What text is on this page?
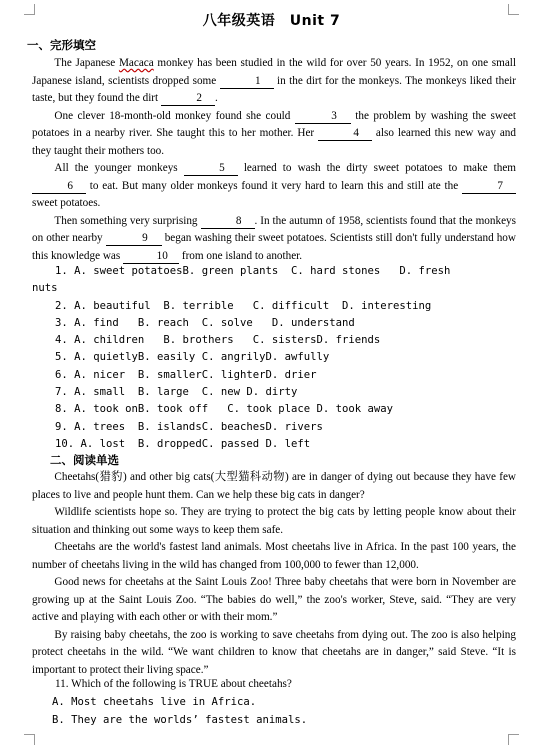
八年级英语　Unit 7
一、完形填空

The Japanese Macaca monkey has been studied in the wild for over 50 years. In 1952, on one small Japanese island, scientists dropped some	1 in the dirt for the monkeys. The monkeys liked their taste, but they found the dirt	2 .

One clever 18-month-old monkey found she could	3 the problem by washing the sweet potatoes in a nearby river. She taught this to her mother. Her	4 also learned this new way and they taught their mothers too.

All the younger monkeys	5 learned to wash the dirty sweet potatoes to make them 6 to eat. But many older monkeys found it very hard to learn this and still ate the	7 sweet potatoes.

Then something very surprising	8 . In the autumn of 1958, scientists found that the monkeys on other nearby	9 began washing their sweet potatoes. Scientists still don't fully understand how this knowledge was	10 from one island to another.

1. A. sweet potatoesB. green plants  C. hard stones   D. fresh
2. A. beautiful  B. terrible   C. difficult  D. interesting
3. A. find   B. reach  C. solve   D. understand
4. A. children   B. brothers   C. sistersD. friends
5. A. quietlyB. easily C. angrilyD. awfully
6. A. nicer  B. smallerC. lighterD. drier
7. A. small  B. large  C. new D. dirty
8. A. took onB. took off   C. took place D. took away
9. A. trees  B. islandsC. beachesD. rivers
10. A. lost  B. droppedC. passed D. left
nuts
二、阅读单选

Cheetahs(猎豹) and other big cats(大型猫科动物) are in danger of dying out because they have few places to live and people hunt them. Can we help these big cats in danger?

Wildlife scientists hope so. They are trying to protect the big cats by letting people know about their situation and thinking out some ways to keep them safe.

Cheetahs are the world's fastest land animals. Most cheetahs live in Africa. In the past 100 years, the number of cheetahs living in the wild has changed from 100,000 to fewer than 12,000.

Good news for cheetahs at the Saint Louis Zoo! Three baby cheetahs that were born in November are growing up at the Saint Louis Zoo. “The babies do well,” the zoo's worker, Steve, said. “They are very active and playing with each other or with their mom.”

By raising baby cheetahs, the zoo is working to save cheetahs from dying out. The zoo is also helping protect cheetahs in the wild. “We want children to know that cheetahs are in danger,” said Steve. “It is important to protect their living space.”

11. Which of the following is TRUE about cheetahs?
A. Most cheetahs live in Africa.
B. They are the worlds’ fastest animals.
